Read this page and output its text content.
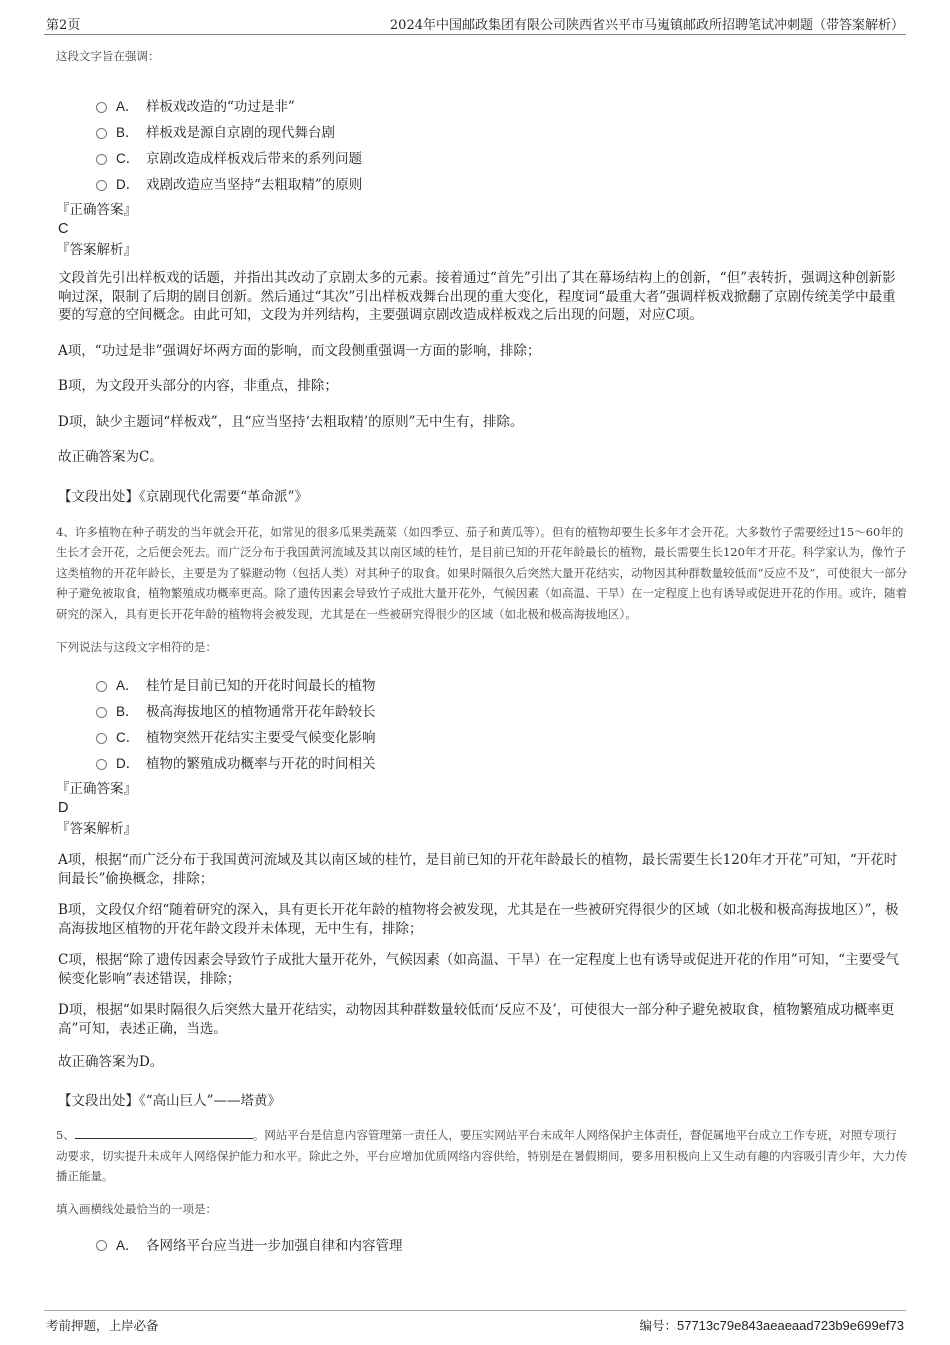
第2页	2024年中国邮政集团有限公司陕西省兴平市马嵬镇邮政所招聘笔试冲刺题（带答案解析）

这段文字旨在强调：

A． 样板戏改造的“功过是非”
B． 样板戏是源自京剧的现代舞台剧
C． 京剧改造成样板戏后带来的系列问题
D． 戏剧改造应当坚持“去粗取精”的原则
『正确答案』
C
『答案解析』

文段首先引出样板戏的话题，并指出其改动了京剧太多的元素。接着通过“首先”引出了其在幕场结构上的创新，“但”表转折，强调这种创新影响过深，限制了后期的剧目创新。然后通过“其次”引出样板戏舞台出现的重大变化，程度词“最重大者”强调样板戏掀翻了京剧传统美学中最重要的写意的空间概念。由此可知，文段为并列结构，主要强调京剧改造成样板戏之后出现的问题，对应C项。

A项，“功过是非”强调好坏两方面的影响，而文段侧重强调一方面的影响，排除；

B项，为文段开头部分的内容，非重点，排除；

D项，缺少主题词“样板戏”，且“应当坚持‘去粗取精’的原则”无中生有，排除。

故正确答案为C。

【文段出处】《京剧现代化需要“革命派”》

4、许多植物在种子萌发的当年就会开花，如常见的很多瓜果类蔬菜（如四季豆、茄子和黄瓜等）。但有的植物却要生长多年才会开花。大多数竹子需要经过15～60年的生长才会开花，之后便会死去。而广泛分布于我国黄河流域及其以南区域的桂竹，是目前已知的开花年龄最长的植物，最长需要生长120年才开花。科学家认为，像竹子这类植物的开花年龄长，主要是为了躲避动物（包括人类）对其种子的取食。如果时隔很久后突然大量开花结实，动物因其种群数量较低而“反应不及”，可使很大一部分种子避免被取食，植物繁殖成功概率更高。除了遗传因素会导致竹子成批大量开花外，气候因素（如高温、干旱）在一定程度上也有诱导或促进开花的作用。或许，随着研究的深入，具有更长开花年龄的植物将会被发现，尤其是在一些被研究得很少的区域（如北极和极高海拔地区）。

下列说法与这段文字相符的是：

A． 桂竹是目前已知的开花时间最长的植物
B． 极高海拔地区的植物通常开花年龄较长
C． 植物突然开花结实主要受气候变化影响
D． 植物的繁殖成功概率与开花的时间相关
『正确答案』
D
『答案解析』

A项，根据“而广泛分布于我国黄河流域及其以南区域的桂竹，是目前已知的开花年龄最长的植物，最长需要生长120年才开花”可知，“开花时间最长”偷换概念，排除；

B项，文段仅介绍“随着研究的深入，具有更长开花年龄的植物将会被发现，尤其是在一些被研究得很少的区域（如北极和极高海拔地区）”，极高海拔地区植物的开花年龄文段并未体现，无中生有，排除；

C项，根据“除了遗传因素会导致竹子成批大量开花外，气候因素（如高温、干旱）在一定程度上也有诱导或促进开花的作用”可知，“主要受气候变化影响”表述错误，排除；

D项，根据“如果时隔很久后突然大量开花结实，动物因其种群数量较低而‘反应不及’，可使很大一部分种子避免被取食，植物繁殖成功概率更高”可知，表述正确，当选。

故正确答案为D。

【文段出处】《“高山巨人”——塔黄》

5、	。网站平台是信息内容管理第一责任人，要压实网站平台未成年人网络保护主体责任，督促属地平台成立工作专班，对照专项行动要求，切实提升未成年人网络保护能力和水平。除此之外，平台应增加优质网络内容供给，特别是在暑假期间，要多用积极向上又生动有趣的内容吸引青少年，大力传播正能量。

填入画横线处最恰当的一项是：

A． 各网络平台应当进一步加强自律和内容管理
考前押题，上岸必备	编号：57713c79e843aeaeaad723b9e699ef73
